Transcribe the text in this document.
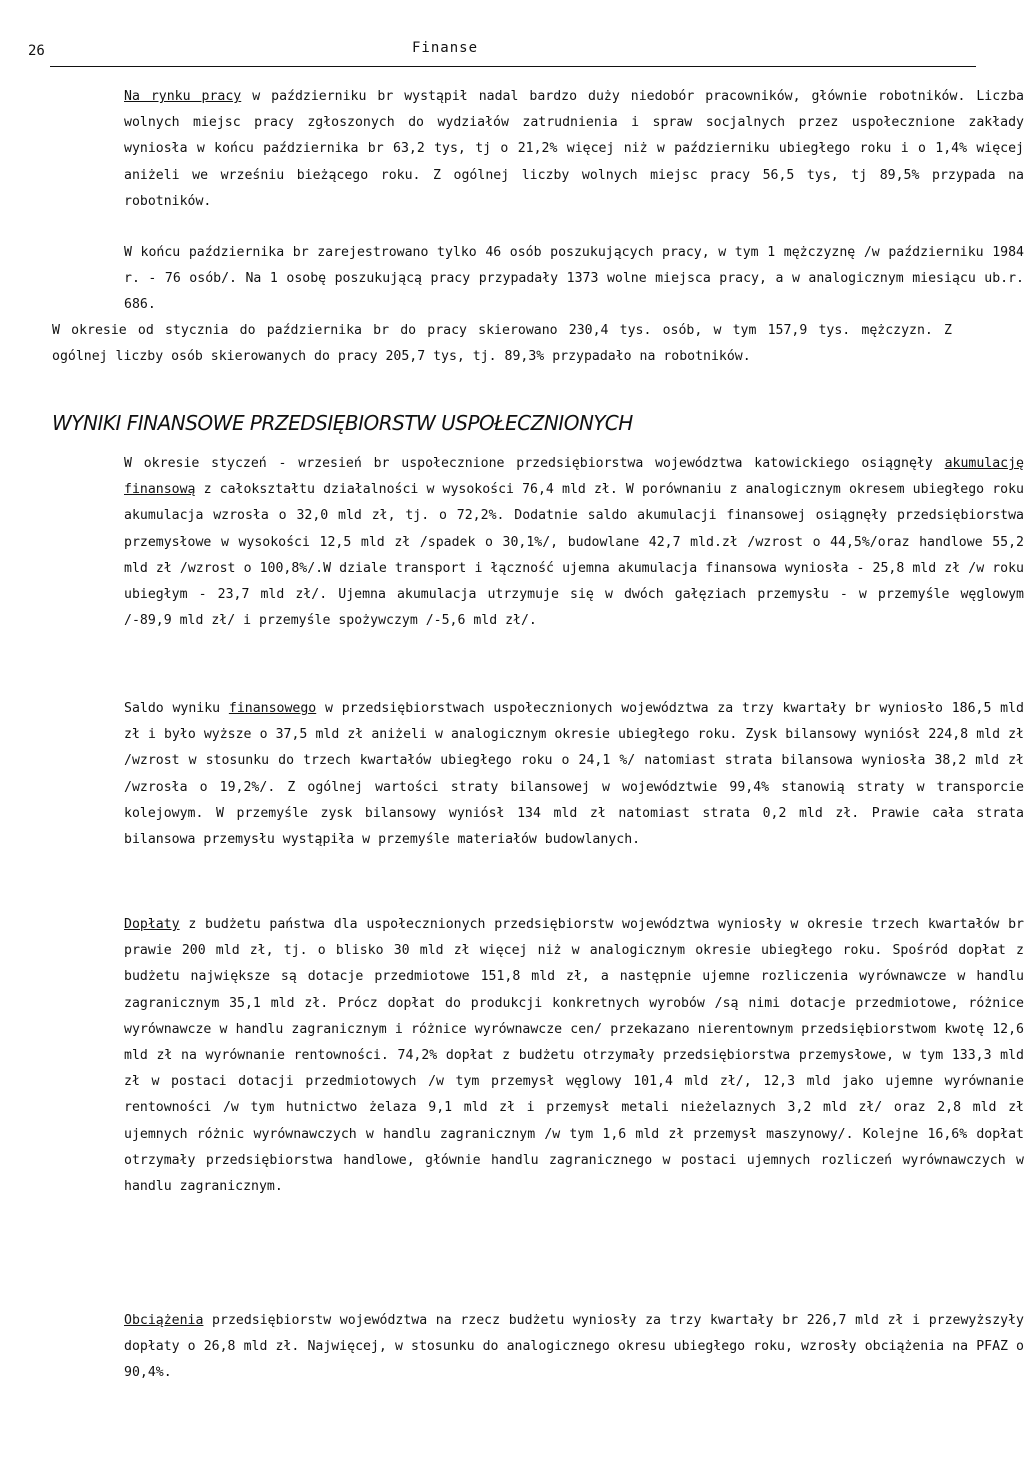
26	Finanse

Na rynku pracy w październiku br wystąpił nadal bardzo duży niedobór pracowników, głównie robotników. Liczba wolnych miejsc pracy zgłoszonych do wydziałów zatrudnienia i spraw socjalnych przez uspołecznione zakłady wyniosła w końcu października br 63,2 tys, tj o 21,2% więcej niż w październiku ubiegłego roku i o 1,4% więcej aniżeli we wrześniu bieżącego roku. Z ogólnej liczby wolnych miejsc pracy 56,5 tys, tj 89,5% przypada na robotników.

W końcu października br zarejestrowano tylko 46 osób poszukujących pracy, w tym 1 mężczyznę /w październiku 1984 r. - 76 osób/. Na 1 osobę poszukującą pracy przypadały 1373 wolne miejsca pracy, a w analogicznym miesiącu ub.r. 686.

W okresie od stycznia do października br do pracy skierowano 230,4 tys. osób, w tym 157,9 tys. mężczyzn. Z ogólnej liczby osób skierowanych do pracy 205,7 tys, tj. 89,3% przypadało na robotników.

WYNIKI FINANSOWE PRZEDSIĘBIORSTW USPOŁECZNIONYCH

W okresie styczeń - wrzesień br uspołecznione przedsiębiorstwa województwa katowickiego osiągnęły akumulację finansową z całokształtu działalności w wysokości 76,4 mld zł. W porównaniu z analogicznym okresem ubiegłego roku akumulacja wzrosła o 32,0 mld zł, tj. o 72,2%. Dodatnie saldo akumulacji finansowej osiągnęły przedsiębiorstwa przemysłowe w wysokości 12,5 mld zł /spadek o 30,1%/, budowlane 42,7 mld.zł /wzrost o 44,5%/oraz handlowe 55,2 mld zł /wzrost o 100,8%/.W dziale transport i łączność ujemna akumulacja finansowa wyniosła - 25,8 mld zł /w roku ubiegłym - 23,7 mld zł/. Ujemna akumulacja utrzymuje się w dwóch gałęziach przemysłu - w przemyśle węglowym /-89,9 mld zł/ i przemyśle spożywczym /-5,6 mld zł/.

Saldo wyniku finansowego w przedsiębiorstwach uspołecznionych województwa za trzy kwartały br wyniosło 186,5 mld zł i było wyższe o 37,5 mld zł aniżeli w analogicznym okresie ubiegłego roku. Zysk bilansowy wyniósł 224,8 mld zł /wzrost w stosunku do trzech kwartałów ubiegłego roku o 24,1 %/ natomiast strata bilansowa wyniosła 38,2 mld zł /wzrosła o 19,2%/. Z ogólnej wartości straty bilansowej w województwie 99,4% stanowią straty w transporcie kolejowym. W przemyśle zysk bilansowy wyniósł 134 mld zł natomiast strata 0,2 mld zł. Prawie cała strata bilansowa przemysłu wystąpiła w przemyśle materiałów budowlanych.

Dopłaty z budżetu państwa dla uspołecznionych przedsiębiorstw województwa wyniosły w okresie trzech kwartałów br prawie 200 mld zł, tj. o blisko 30 mld zł więcej niż w analogicznym okresie ubiegłego roku. Spośród dopłat z budżetu największe są dotacje przedmiotowe 151,8 mld zł, a następnie ujemne rozliczenia wyrównawcze w handlu zagranicznym 35,1 mld zł. Prócz dopłat do produkcji konkretnych wyrobów /są nimi dotacje przedmiotowe, różnice wyrównawcze w handlu zagranicznym i różnice wyrównawcze cen/ przekazano nierentownym przedsiębiorstwom kwotę 12,6 mld zł na wyrównanie rentowności. 74,2% dopłat z budżetu otrzymały przedsiębiorstwa przemysłowe, w tym 133,3 mld zł w postaci dotacji przedmiotowych /w tym przemysł węglowy 101,4 mld zł/, 12,3 mld jako ujemne wyrównanie rentowności /w tym hutnictwo żelaza 9,1 mld zł i przemysł metali nieżelaznych 3,2 mld zł/ oraz 2,8 mld zł ujemnych różnic wyrównawczych w handlu zagranicznym /w tym 1,6 mld zł przemysł maszynowy/. Kolejne 16,6% dopłat otrzymały przedsiębiorstwa handlowe, głównie handlu zagranicznego w postaci ujemnych rozliczeń wyrównawczych w handlu zagranicznym.

Obciążenia przedsiębiorstw województwa na rzecz budżetu wyniosły za trzy kwartały br 226,7 mld zł i przewyższyły dopłaty o 26,8 mld zł. Najwięcej, w stosunku do analogicznego okresu ubiegłego roku, wzrosły obciążenia na PFAZ o 90,4%.
